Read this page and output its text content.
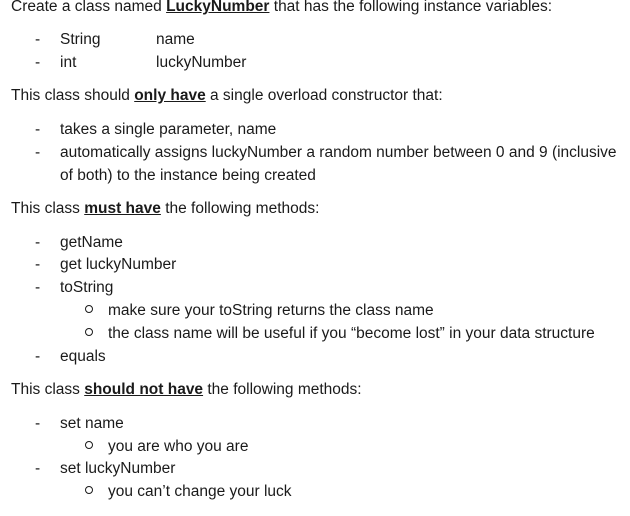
Create a class named LuckyNumber that has the following instance variables:
- String	name
- int	luckyNumber
This class should only have a single overload constructor that:
- takes a single parameter, name
- automatically assigns luckyNumber a random number between 0 and 9 (inclusive
of both) to the instance being created
This class must have the following methods:
- getName
- get luckyNumber
- toString
make sure your toString returns the class name
the class name will be useful if you “become lost” in your data structure
- equals
This class should not have the following methods:
- set name
you are who you are
- set luckyNumber
you can’t change your luck
